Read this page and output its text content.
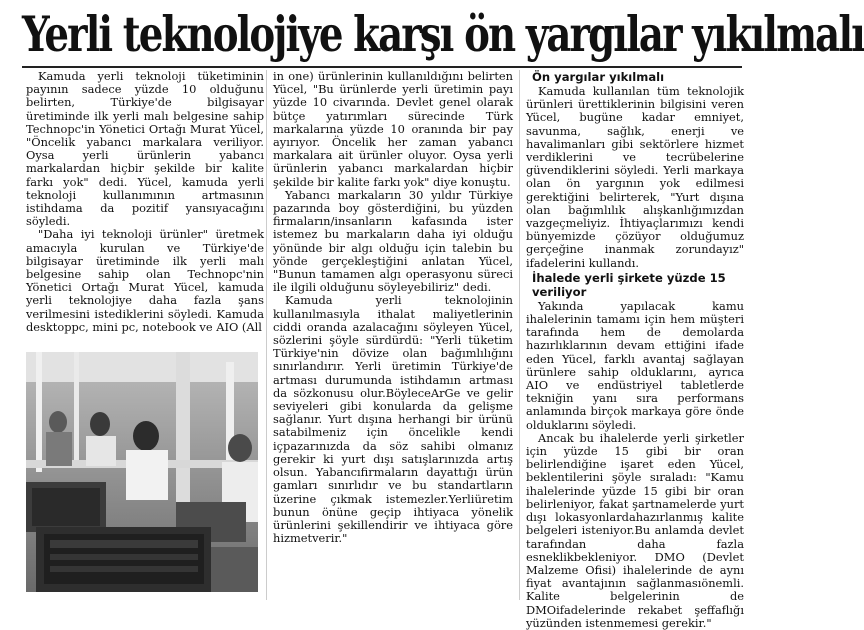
Yerli teknolojiye karşı ön yargılar yıkılmalı

Kamuda yerli teknoloji tüketiminin payının sadece yüzde 10 olduğunu belirten, Türkiye'de bilgisayar üretiminde ilk yerli malı belgesine sahip Technopc'in Yönetici Ortağı Murat Yücel, "Öncelik yabancı markalara veriliyor. Oysa yerli ürünlerin yabancı markalardan hiçbir şekilde bir kalite farkı yok" dedi. Yücel, kamuda yerli teknoloji kullanımının artmasının istihdama da pozitif yansıyacağını söyledi.

"Daha iyi teknoloji ürünler" üretmek amacıyla kurulan ve Türkiye'de bilgisayar üretiminde ilk yerli malı belgesine sahip olan Technopc'nin Yönetici Ortağı Murat Yücel, kamuda yerli teknolojiye daha fazla şans verilmesini istediklerini söyledi. Kamuda desktoppc, mini pc, notebook ve AIO (All

in one) ürünlerinin kullanıldığını belirten Yücel, "Bu ürünlerde yerli üretimin payı yüzde 10 civarında. Devlet genel olarak bütçe yatırımları sürecinde Türk markalarına yüzde 10 oranında bir pay ayırıyor. Öncelik her zaman yabancı markalara ait ürünler oluyor. Oysa yerli ürünlerin yabancı markalardan hiçbir şekilde bir kalite farkı yok" diye konuştu.

Yabancı markaların 30 yıldır Türkiye pazarında boy gösterdiğini, bu yüzden firmaların/insanların kafasında ister istemez bu markaların daha iyi olduğu yönünde bir algı olduğu için talebin bu yönde gerçekleştiğini anlatan Yücel, "Bunun tamamen algı operasyonu süreci ile ilgili olduğunu söyleyebiliriz" dedi.

Kamuda yerli teknolojinin kullanılmasıyla ithalat maliyetlerinin ciddi oranda azalacağını söyleyen Yücel, sözlerini şöyle sürdürdü: "Yerli tüketim Türkiye'nin dövize olan bağımlılığını sınırlandırır. Yerli üretimin Türkiye'de artması durumunda istihdamın artması da sözkonusu olur.BöyleceArGe ve gelir seviyeleri gibi konularda da gelişme sağlanır. Yurt dışına herhangi bir ürünü satabilmeniz için öncelikle kendi içpazarınızda da söz sahibi olmanız gerekir ki yurt dışı satışlarınızda artış olsun. Yabancıfirmaların dayattığı ürün gamları sınırlıdır ve bu standartların üzerine çıkmak istemezler.Yerliüretim bunun önüne geçip ihtiyaca yönelik ürünlerini şekillendirir ve ihtiyaca göre hizmetverir."

Ön yargılar yıkılmalı

Kamuda kullanılan tüm teknolojik ürünleri ürettiklerinin bilgisini veren Yücel, bugüne kadar emniyet, savunma, sağlık, enerji ve havalimanları gibi sektörlere hizmet verdiklerini ve tecrübelerine güvendiklerini söyledi. Yerli markaya olan ön yargının yok edilmesi gerektiğini belirterek, "Yurt dışına olan bağımlılık alışkanlığımızdan vazgeçmeliyiz. İhtiyaçlarımızı kendi bünyemizde çözüyor olduğumuz gerçeğine inanmak zorundayız" ifadelerini kullandı.

İhalede yerli şirkete yüzde 15 veriliyor

Yakında yapılacak kamu ihalelerinin tamamı için hem müşteri tarafında hem de demolarda hazırlıklarının devam ettiğini ifade eden Yücel, farklı avantaj sağlayan ürünlere sahip olduklarını, ayrıca AIO ve endüstriyel tabletlerde tekniğin yanı sıra performans anlamında birçok markaya göre önde olduklarını söyledi.

Ancak bu ihalelerde yerli şirketler için yüzde 15 gibi bir oran belirlendiğine işaret eden Yücel, beklentilerini şöyle sıraladı: "Kamu ihalelerinde yüzde 15 gibi bir oran belirleniyor, fakat şartnamelerde yurt dışı lokasyonlardahazırlanmış kalite belgeleri isteniyor.Bu anlamda devlet tarafından daha fazla esneklikbekleniyor. DMO (Devlet Malzeme Ofisi) ihalelerinde de aynı fiyat avantajının sağlanmasıönemli. Kalite belgelerinin de DMOifadelerinde rekabet şeffaflığı yüzünden istenmemesi gerekir."
